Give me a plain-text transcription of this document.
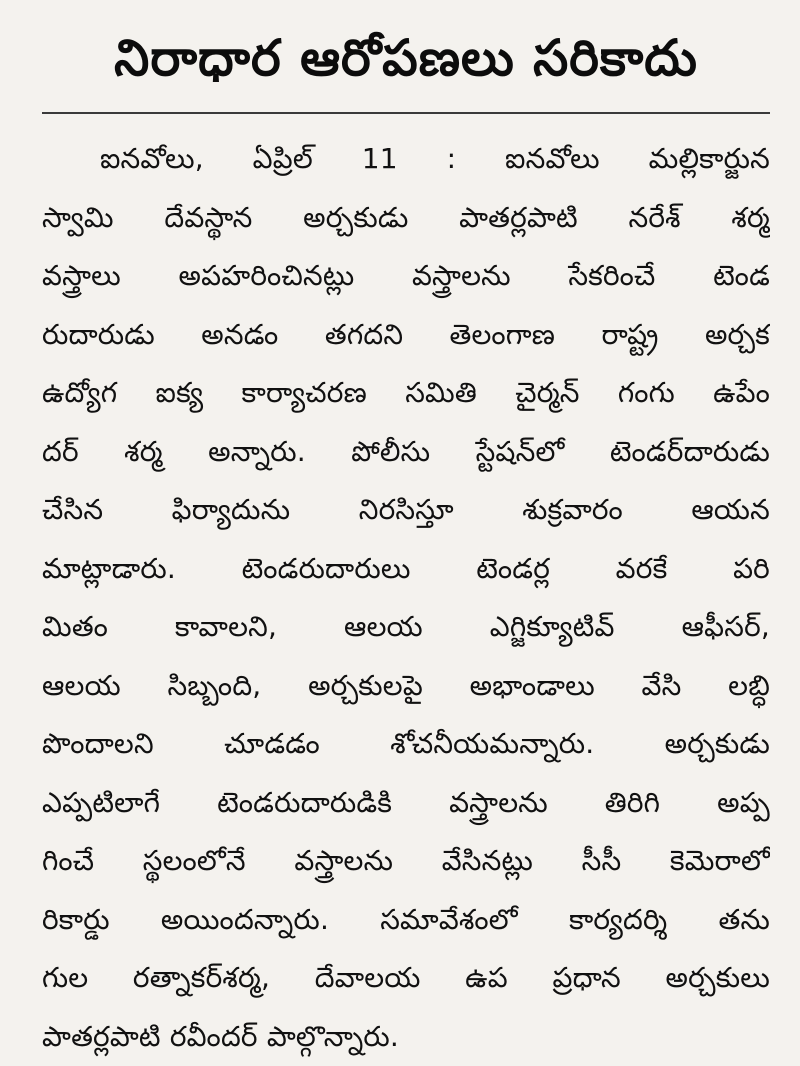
నిరాధార ఆరోపణలు సరికాదు
ఐనవోలు, ఏప్రిల్ 11 : ఐనవోలు మల్లికార్జున
స్వామి దేవస్థాన అర్చకుడు పాతర్లపాటి నరేశ్ శర్మ
వస్త్రాలు అపహరించినట్లు వస్త్రాలను సేకరించే టెండ
రుదారుడు అనడం తగదని తెలంగాణ రాష్ట్ర అర్చక
ఉద్యోగ ఐక్య కార్యాచరణ సమితి చైర్మన్ గంగు ఉపేం
దర్ శర్మ అన్నారు. పోలీసు స్టేషన్‌లో టెండర్‌దారుడు
చేసిన ఫిర్యాదును నిరసిస్తూ శుక్రవారం ఆయన
మాట్లాడారు. టెండరుదారులు టెండర్ల వరకే పరి
మితం కావాలని, ఆలయ ఎగ్జిక్యూటివ్ ఆఫీసర్,
ఆలయ సిబ్బంది, అర్చకులపై అభాండాలు వేసి లబ్ధి
పొందాలని చూడడం శోచనీయమన్నారు. అర్చకుడు
ఎప్పటిలాగే టెండరుదారుడికి వస్త్రాలను తిరిగి అప్ప
గించే స్థలంలోనే వస్త్రాలను వేసినట్లు సీసీ కెమెరాలో
రికార్డు అయిందన్నారు. సమావేశంలో కార్యదర్శి తను
గుల రత్నాకర్‌శర్మ, దేవాలయ ఉప ప్రధాన అర్చకులు
పాతర్లపాటి రవీందర్ పాల్గొన్నారు.
